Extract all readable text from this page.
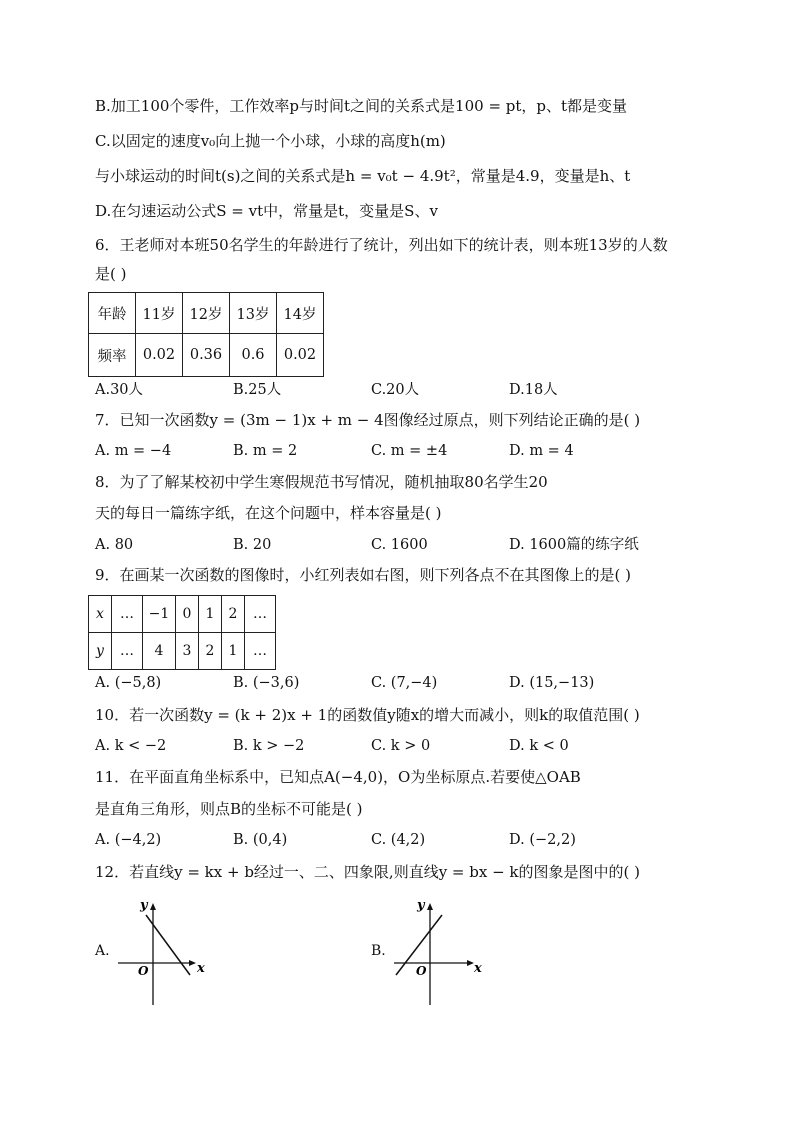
B.加工100个零件，工作效率p与时间t之间的关系式是100 = pt，p、t都是变量
C.以固定的速度v₀向上抛一个小球，小球的高度h(m)
与小球运动的时间t(s)之间的关系式是h = v₀t − 4.9t²，常量是4.9，变量是h、t
D.在匀速运动公式S = vt中，常量是t，变量是S、v
6．王老师对本班50名学生的年龄进行了统计，列出如下的统计表，则本班13岁的人数
是( )
年龄	11岁	12岁	13岁	14岁
频率	0.02	0.36	0.6	0.02
A.30人	B.25人	C.20人	D.18人
7．已知一次函数y = (3m − 1)x + m − 4图像经过原点，则下列结论正确的是( )
A. m = −4	B. m = 2	C. m = ±4	D. m = 4
8．为了了解某校初中学生寒假规范书写情况，随机抽取80名学生20
天的每日一篇练字纸，在这个问题中，样本容量是( )
A. 80	B. 20	C. 1600	D. 1600篇的练字纸
9．在画某一次函数的图像时，小红列表如右图，则下列各点不在其图像上的是( )
x	…	−1	0	1	2	…
y	…	4	3	2	1	…
A. (−5,8)	B. (−3,6)	C. (7,−4)	D. (15,−13)
10．若一次函数y = (k + 2)x + 1的函数值y随x的增大而减小，则k的取值范围( )
A. k < −2	B. k > −2	C. k > 0	D. k < 0
11．在平面直角坐标系中，已知点A(−4,0)，O为坐标原点.若要使△OAB
是直角三角形，则点B的坐标不可能是( )
A. (−4,2)	B. (0,4)	C. (4,2)	D. (−2,2)
12．若直线y = kx + b经过一、二、四象限,则直线y = bx − k的图象是图中的( )
A.
x
y
O
B.
x
y
O
